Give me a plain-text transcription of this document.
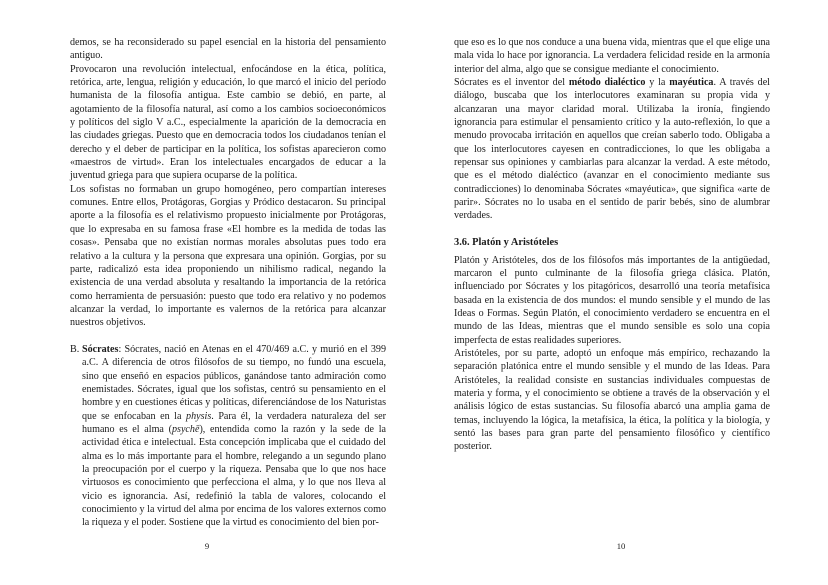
demos, se ha reconsiderado su papel esencial en la historia del pensamiento antiguo.

Provocaron una revolución intelectual, enfocándose en la ética, política, retórica, arte, lengua, religión y educación, lo que marcó el inicio del período humanista de la filosofía antigua. Este cambio se debió, en parte, al agotamiento de la filosofía natural, así como a los cambios socioeconómicos y políticos del siglo V a.C., especialmente la aparición de la democracia en las ciudades griegas. Puesto que en democracia todos los ciudadanos tenían el derecho y el deber de participar en la política, los sofistas aparecieron como «maestros de virtud». Eran los intelectuales encargados de educar a la juventud griega para que supiera ocuparse de la política.

Los sofistas no formaban un grupo homogéneo, pero compartían intereses comunes. Entre ellos, Protágoras, Gorgias y Pródico destacaron. Su principal aporte a la filosofía es el relativismo propuesto inicialmente por Protágoras, que lo expresaba en su famosa frase «El hombre es la medida de todas las cosas». Pensaba que no existían normas morales absolutas pues todo era relativo a la cultura y la persona que expresara una opinión. Gorgias, por su parte, radicalizó esta idea proponiendo un nihilismo radical, negando la existencia de una verdad absoluta y resaltando la importancia de la retórica como herramienta de persuasión: puesto que todo era relativo y no podemos alcanzar la verdad, lo importante es valernos de la retórica para alcanzar nuestros objetivos.

B. Sócrates: Sócrates, nació en Atenas en el 470/469 a.C. y murió en el 399 a.C. A diferencia de otros filósofos de su tiempo, no fundó una escuela, sino que enseñó en espacios públicos, ganándose tanto admiración como enemistades. Sócrates, igual que los sofistas, centró su pensamiento en el hombre y en cuestiones éticas y políticas, diferenciándose de los Naturistas que se enfocaban en la physis. Para él, la verdadera naturaleza del ser humano es el alma (psychē), entendida como la razón y la sede de la actividad ética e intelectual. Esta concepción implicaba que el cuidado del alma es lo más importante para el hombre, relegando a un segundo plano la preocupación por el cuerpo y la riqueza. Pensaba que lo que nos hace virtuosos es conocimiento que perfecciona el alma, y lo que nos lleva al vicio es ignorancia. Así, redefinió la tabla de valores, colocando el conocimiento y la virtud del alma por encima de los valores externos como la riqueza y el poder. Sostiene que la virtud es conocimiento del bien por-
9

que eso es lo que nos conduce a una buena vida, mientras que el que elige una mala vida lo hace por ignorancia. La verdadera felicidad reside en la armonía interior del alma, algo que se consigue mediante el conocimiento.

Sócrates es el inventor del método dialéctico y la mayéutica. A través del diálogo, buscaba que los interlocutores examinaran su propia vida y alcanzaran una mayor claridad moral. Utilizaba la ironía, fingiendo ignorancia para estimular el pensamiento crítico y la auto-reflexión, lo que a menudo provocaba irritación en aquellos que creían saberlo todo. Obligaba a que los interlocutores cayesen en contradicciones, lo que les obligaba a repensar sus opiniones y cambiarlas para alcanzar la verdad. A este método, que es el método dialéctico (avanzar en el conocimiento mediante sus contradicciones) lo denominaba Sócrates «mayéutica», que significa «arte de parir». Sócrates no lo usaba en el sentido de parir bebés, sino de alumbrar verdades.

3.6. Platón y Aristóteles

Platón y Aristóteles, dos de los filósofos más importantes de la antigüedad, marcaron el punto culminante de la filosofía griega clásica. Platón, influenciado por Sócrates y los pitagóricos, desarrolló una teoría metafísica basada en la existencia de dos mundos: el mundo sensible y el mundo de las Ideas o Formas. Según Platón, el conocimiento verdadero se encuentra en el mundo de las Ideas, mientras que el mundo sensible es solo una copia imperfecta de estas realidades superiores.

Aristóteles, por su parte, adoptó un enfoque más empírico, rechazando la separación platónica entre el mundo sensible y el mundo de las Ideas. Para Aristóteles, la realidad consiste en sustancias individuales compuestas de materia y forma, y el conocimiento se obtiene a través de la observación y el análisis lógico de estas sustancias. Su filosofía abarcó una amplia gama de temas, incluyendo la lógica, la metafísica, la ética, la política y la biología, y sentó las bases para gran parte del pensamiento filosófico y científico posterior.

10
